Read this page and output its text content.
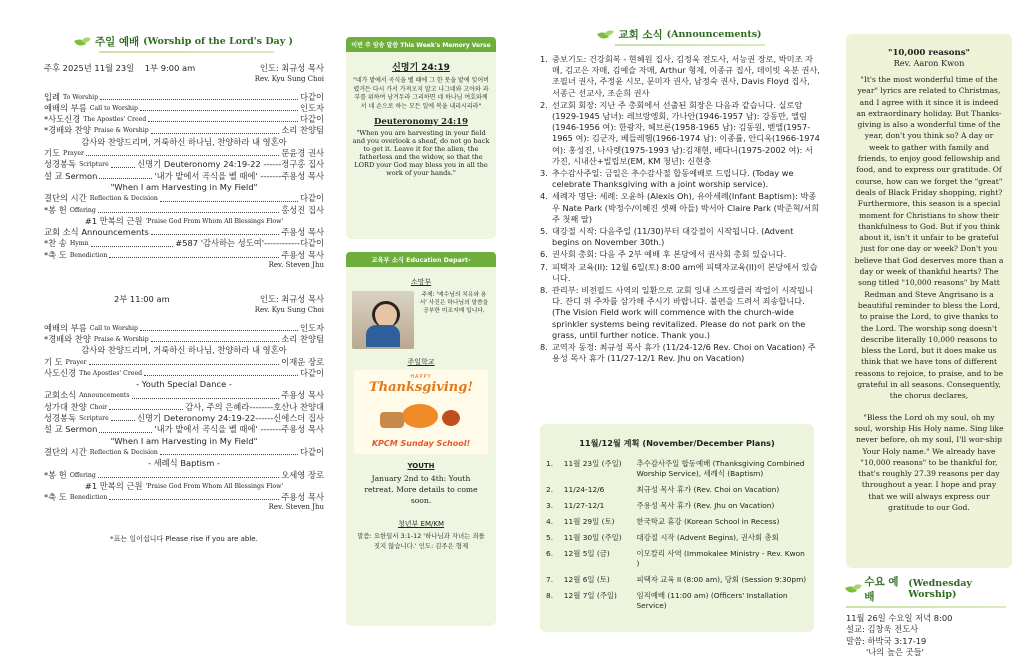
주일 예배 (Worship of the Lord's Day )
주후 2025년 11월 23일 1부 9:00 am	인도: 최규성 목사
Rev. Kyu Sung Choi
입례 To Worship	다같이
예배의 부름 Call to Worship	인도자
*사도신경 The Apostles' Creed	다같이
*경배와 찬양 Praise & Worship	소리 찬양팀
감사와 찬양드리며, 거룩하신 하나님, 찬양하라 내 영혼아
기도 Prayer	문윤경 권사
성경봉독 Scripture	신명기 Deuteronomy 24:19-22 ------정구홍 집사
설 교 Sermon	'내가 밭에서 곡식을 벨 때에' -------주용성 목사
"When I am Harvesting in My Field"
결단의 시간 Reflection & Decision	다같이
*봉 헌 Offering	홍성진 집사
#1 만복의 근원 'Praise God From Whom All Blessings Flow'
교회 소식 Announcements	주용성 목사
*찬 송 Hymn	#587 '감사하는 성도여'------------다같이
*축 도 Benediction	주용성 목사
Rev. Steven Jhu
2부 11:00 am	인도: 최규성 목사
Rev. Kyu Sung Choi
예배의 부름 Call to Worship	인도자
*경배와 찬양 Praise & Worship	소리 찬양팀
감사와 찬양드리며, 거룩하신 하나님, 찬양하라 내 영혼아
기 도 Prayer	이재운 장로
사도신경 The Apostles' Creed	다같이
- Youth Special Dance -
교회소식 Announcements	주용성 목사
성가대 찬양 Choir	감사, 주의 은혜라--------호산나 찬양대
성경봉독 Scripture	신명기 Deteronomy 24:19-22------신에스더 집사
설 교 Sermon	'내가 밭에서 곡식을 벨 때에' -------주용성 목사
"When I am Harvesting in My Field"
결단의 시간 Reflection & Decision	다같이
- 세례식 Baptism -
*봉 헌 Offering	오세영 장로
#1 만복의 근원 'Praise God From Whom All Blessings Flow'
*축 도 Benediction	주용성 목사
Rev. Steven Jhu
*표는 일어섭니다 Please rise if you are able.
이번 주 암송 말씀 This Week's Memory Verse
신명기 24:19
"네가 밭에서 곡식을 벨 때에 그 한 뭇을 밭에 잊어버렸거든 다시 가서 가져오지 말고 나그네와 고아와 과부를 위하여 남겨두라 그리하면 네 하나님 여호와께서 네 손으로 하는 모든 일에 복을 내리시리라"
Deuteronomy 24:19
"When you are harvesting in your field and you overlook a sheaf, do not go back to get it. Leave it for the alien, the fatherless and the widow, so that the LORD your God may bless you in all the work of your hands."
교육부 소식 Education Depart-
소망부
주제: '예수님의 치유와 용서' 사진은 하나님의 말씀을 공부한 미조지매 입니다.
주일학교
HAPPY
Thanksgiving!
KPCM Sunday School!
YOUTH
January 2nd to 4th: Youth retreat. More details to come soon.
청년부 EM/KM
말씀: 요한일서 3:1-12 '하나님과 자녀는 죄를 짓지 않습니다.' 인도: 김주은 형제
교회 소식 (Announcements)
1. 중보기도: 건강회복 - 현혜원 집사, 김정욱 전도사, 서능권 장로, 박미조 자매, 김고은 자매, 김예슬 자매, Arthur 형제, 이종규 집사, 데이빗 옥분 권사, 조필녀 권사, 주정윤 시모, 문미자 권사, 남정숙 권사, Davis Floyd 집사, 서종근 선교사, 조순희 권사
2. 선교회 회장: 지난 주 총회에서 선출된 회장은 다음과 같습니다. 실로암(1929-1945 남녀): 레브랑엥회, 가나안(1946-1957 남): 강동만, 엘림(1946-1956 여): 한광자, 헤브론(1958-1965 남): 김동원, 벧엘(1957-1965 여): 김군자, 베들레헴(1966-1974 남): 이종률, 안디옥(1966-1974 여): 홍성진, 나사렛(1975-1993 남):김재현, 베다니(1975-2002 여): 서가진, 시내산+빌립보(EM, KM 청년): 신현충
3. 추수감사주일: 금일은 추수감사절 합동예배로 드립니다. (Today we celebrate Thanksgiving with a joint worship service).
4. 세례자 명단: 세례: 오윤하 (Alexis Oh), 유아세례(Infant Baptism): 박종우 Nate Park (박정수/이혜진 셋째 아들) 박서아 Claire Park (박준혁/서희주 첫째 딸)
5. 대강절 시작: 다음주일 (11/30)부터 대강절이 시작됩니다. (Advent begins on November 30th.)
6. 권사회 총회: 다음 주 2부 예배 후 본당에서 권사회 총회 있습니다.
7. 피택자 교육(II): 12월 6일(토) 8:00 am에 피택자교육(II)이 본당에서 있습니다.
8. 관리부: 비전필드 사역의 일환으로 교회 잉내 스프링클러 작업이 시작됩니다. 잔디 위 주차를 삼가해 주시기 바랍니다. 불편을 드려서 죄송합니다. (The Vision Field work will commence with the church-wide sprinkler systems being revitalized. Please do not park on the grass, until further notice. Thank you.)
8. 교역자 동정: 최규성 목사 휴가 (11/24-12/6 Rev. Choi on Vacation) 주용성 목사 휴가 (11/27-12/1 Rev. Jhu on Vacation)
11월/12월 계획 (November/December Plans)
1.	11월 23일 (주일)	추수감사주일 합동예배 (Thanksgiving Combined Worship Service), 세례식 (Baptism)
2.	11/24-12/6	최규성 목사 휴가 (Rev. Choi on Vacation)
3.	11/27-12/1	주용성 목사 휴가 (Rev. Jhu on Vacation)
4.	11월 29일 (토)	한국학교 휴강 (Korean School in Recess)
5.	11월 30일 (주일)	대강절 시작 (Advent Begins), 권사회 총회
6.	12월 5일 (금)	이모칼리 사역 (Immokalee Ministry - Rev. Kwon )
7.	12월 6일 (토)	피택자 교육 II (8:00 am), 당회 (Session 9:30pm)
8.	12월 7일 (주일)	임직예배 (11:00 am) (Officers' Installation Service)
"10,000 reasons"
Rev. Aaron Kwon
"It's the most wonderful time of the year" lyrics are related to Christmas, and I agree with it since it is indeed an extraordinary holiday. But Thanks-giving is also a wonderful time of the year, don't you think so? A day or week to gather with family and friends, to enjoy good fellowship and food, and to express our gratitude. Of course, how can we forget the "great" deals of Black Friday shopping, right? Furthermore, this season is a special moment for Christians to show their thankfulness to God. But if you think about it, isn't it unfair to be grateful just for one day or week? Don't you believe that God deserves more than a day or week of thankful hearts? The song titled "10,000 reasons" by Matt Redman and Steve Angrisano is a beautiful reminder to bless the Lord, to praise the Lord, to give thanks to the Lord. The worship song doesn't describe literally 10,000 reasons to bless the Lord, but it does make us think that we have tons of different reasons to rejoice, to praise, and to be grateful in all seasons. Consequently, the chorus declares,
"Bless the Lord oh my soul, oh my soul, worship His Holy name. Sing like never before, oh my soul, I'll wor-ship Your Holy name." We already have "10,000 reasons" to be thankful for, that's roughly 27.39 reasons per day throughout a year. I hope and pray that we will always express our gratitude to our God.
수요 예배
(Wednesday Worship)
11월 26일 수요일 저녁 8:00
설교: 김창욱 전도사
말씀: 하박국 3:17-19
'나의 높은 곳들'
